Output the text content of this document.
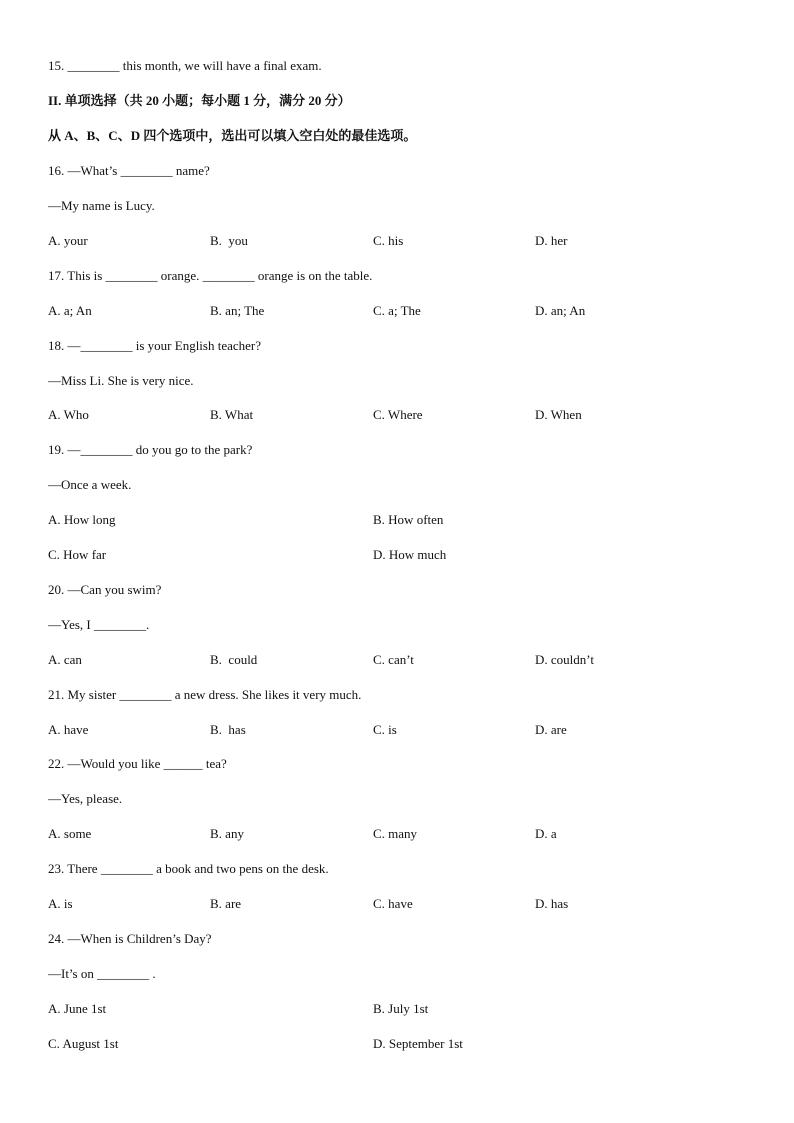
15. ________ this month, we will have a final exam.
II. 单项选择（共 20 小题；每小题 1 分，满分 20 分）
从 A、B、C、D 四个选项中，选出可以填入空白处的最佳选项。
16. —What’s ________ name?
—My name is Lucy.
A. your	B.  you	C. his	D. her
17. This is ________ orange. ________ orange is on the table.
A. a; An	B. an; The	C. a; The	D. an; An
18. —________ is your English teacher?
—Miss Li. She is very nice.
A. Who	B. What	C. Where	D. When
19. —________ do you go to the park?
—Once a week.
A. How long	B. How often
C. How far	D. How much
20. —Can you swim?
—Yes, I ________.
A. can	B.  could	C. can’t	D. couldn’t
21. My sister ________ a new dress. She likes it very much.
A. have	B.  has	C. is	D. are
22. —Would you like ______ tea?
—Yes, please.
A. some	B. any	C. many	D. a
23. There ________ a book and two pens on the desk.
A. is	B. are	C. have	D. has
24. —When is Children’s Day?
—It’s on ________ .
A. June 1st	B. July 1st
C. August 1st	D. September 1st
